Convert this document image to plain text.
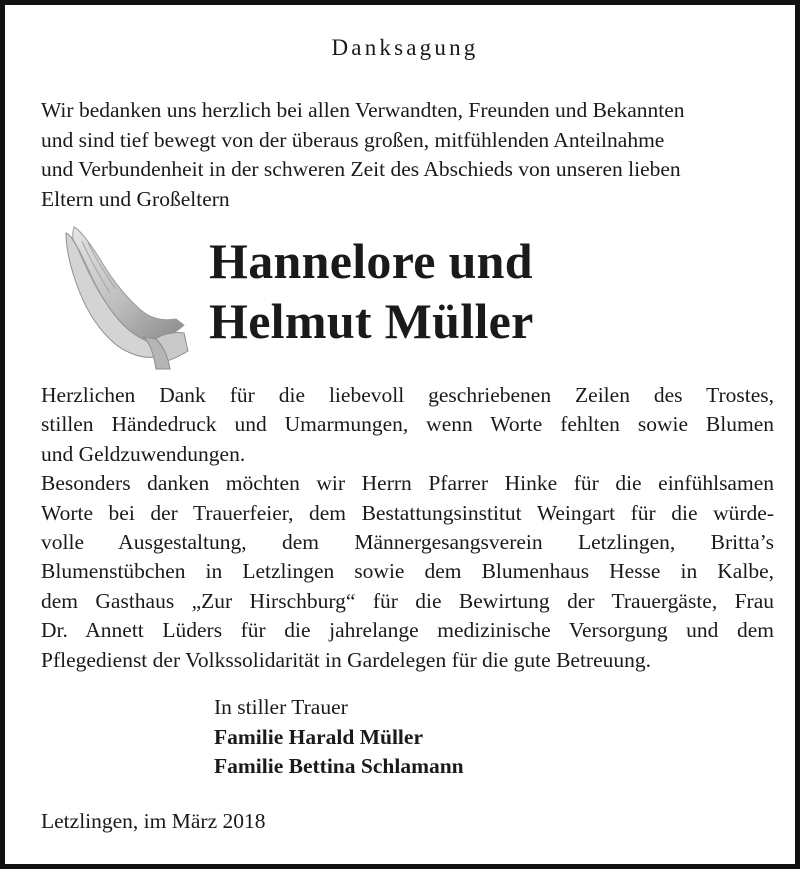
Danksagung
Wir bedanken uns herzlich bei allen Verwandten, Freunden und Bekannten
und sind tief bewegt von der überaus großen, mitfühlenden Anteilnahme
und Verbundenheit in der schweren Zeit des Abschieds von unseren lieben
Eltern und Großeltern
Hannelore und
Helmut Müller
Herzlichen Dank für die liebevoll geschriebenen Zeilen des Trostes,
stillen Händedruck und Umarmungen, wenn Worte fehlten sowie Blumen
und Geldzuwendungen.
Besonders danken möchten wir Herrn Pfarrer Hinke für die einfühlsamen
Worte bei der Trauerfeier, dem Bestattungsinstitut Weingart für die würde-
volle Ausgestaltung, dem Männergesangsverein Letzlingen, Britta’s
Blumenstübchen in Letzlingen sowie dem Blumenhaus Hesse in Kalbe,
dem Gasthaus „Zur Hirschburg“ für die Bewirtung der Trauergäste, Frau
Dr. Annett Lüders für die jahrelange medizinische Versorgung und dem
Pflegedienst der Volkssolidarität in Gardelegen für die gute Betreuung.
In stiller Trauer
Familie Harald Müller
Familie Bettina Schlamann
Letzlingen, im März 2018
